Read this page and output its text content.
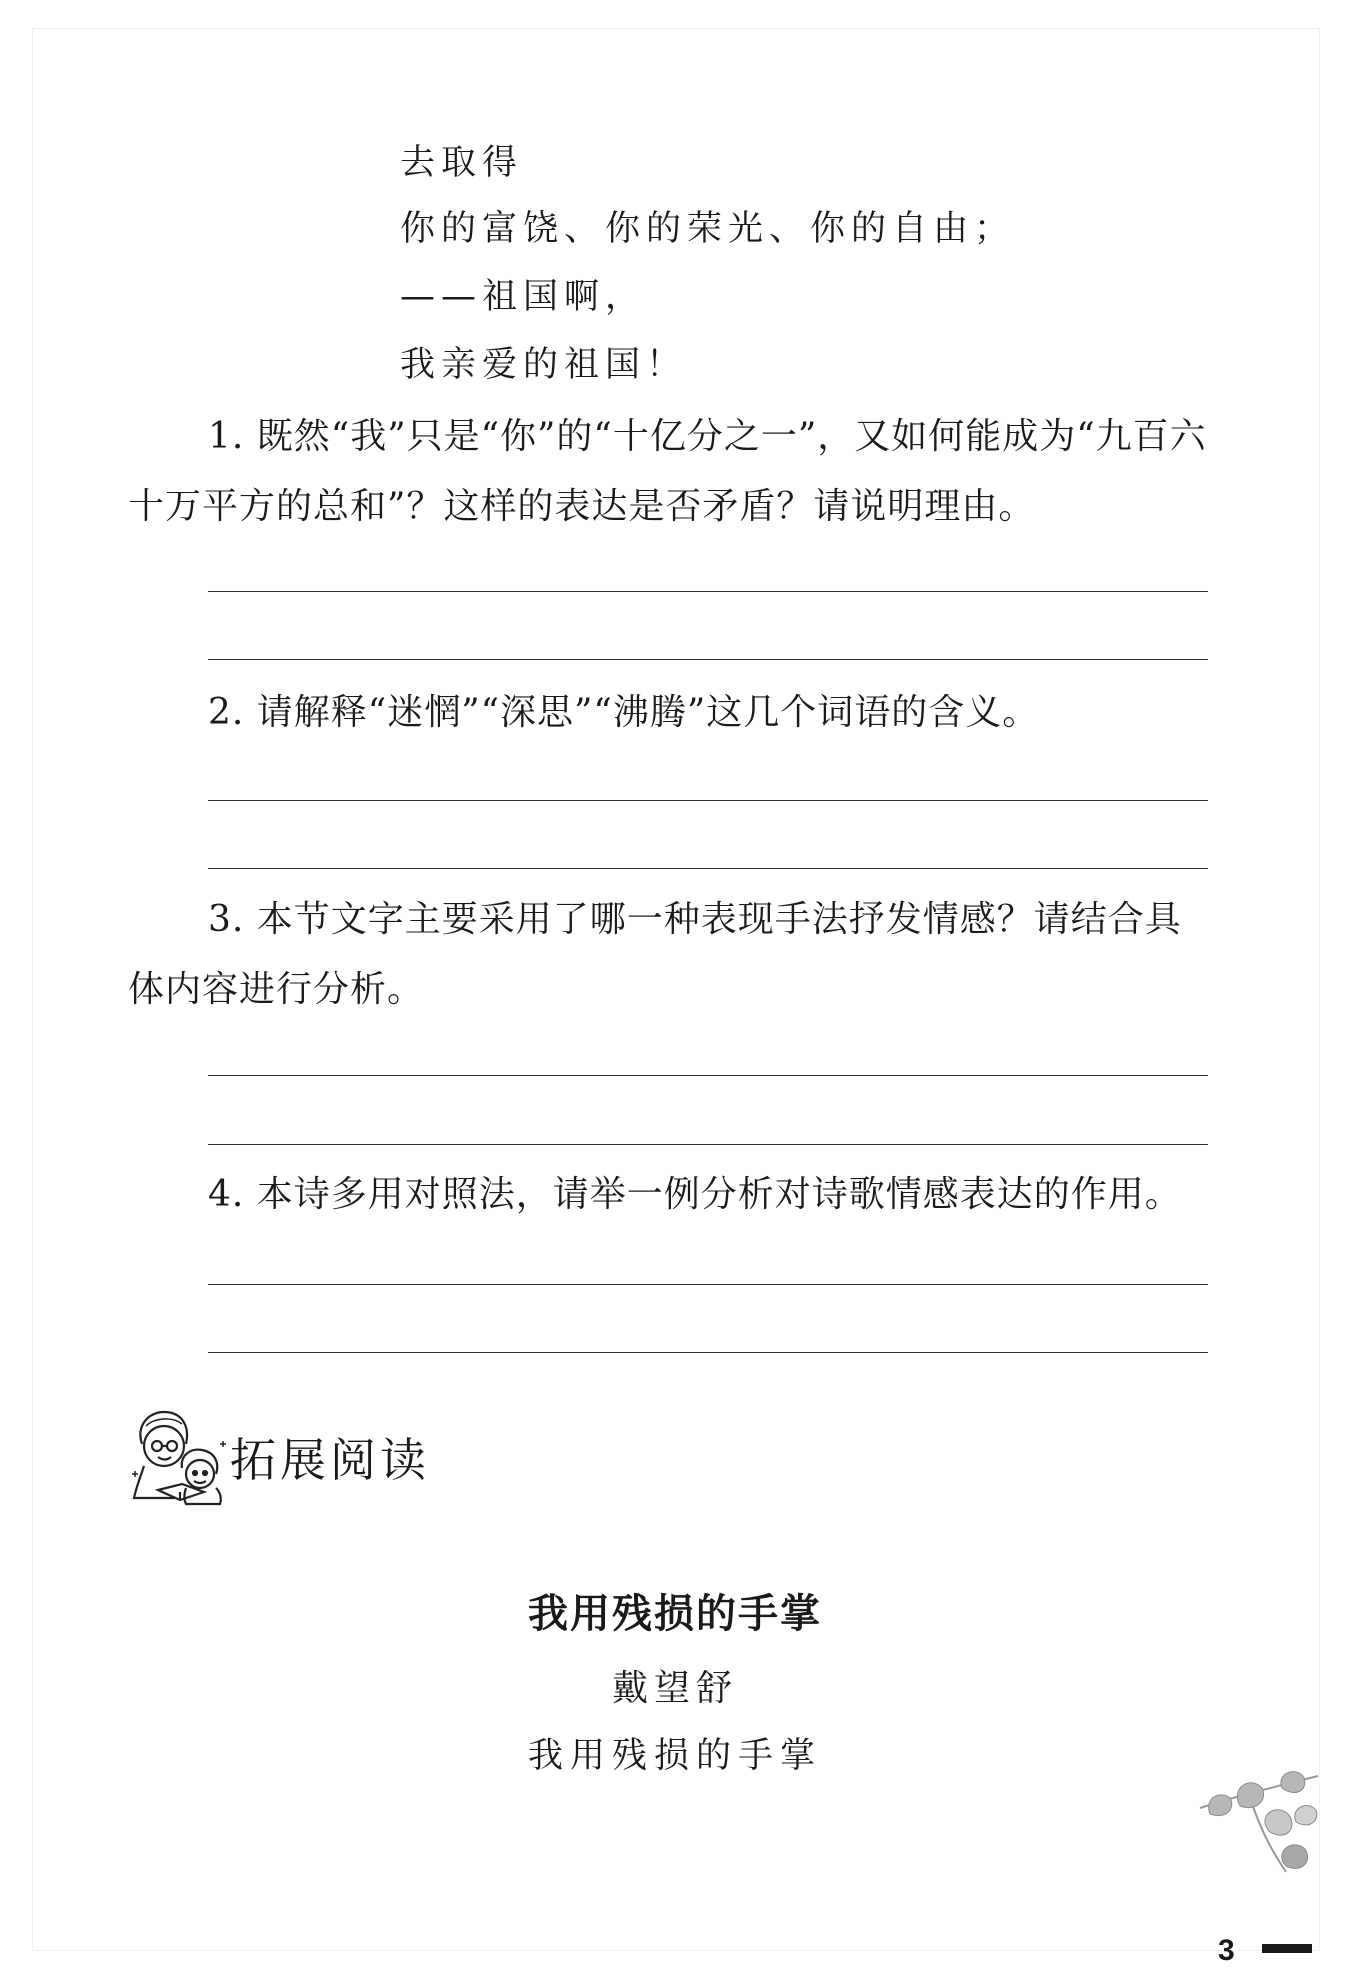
去取得
你的富饶、你的荣光、你的自由；
——祖国啊，
我亲爱的祖国！
1. 既然“我”只是“你”的“十亿分之一”，又如何能成为“九百六十万平方的总和”？这样的表达是否矛盾？请说明理由。
2. 请解释“迷惘”“深思”“沸腾”这几个词语的含义。
3. 本节文字主要采用了哪一种表现手法抒发情感？请结合具体内容进行分析。
4. 本诗多用对照法，请举一例分析对诗歌情感表达的作用。
拓展阅读
我用残损的手掌
戴望舒
我用残损的手掌
3
